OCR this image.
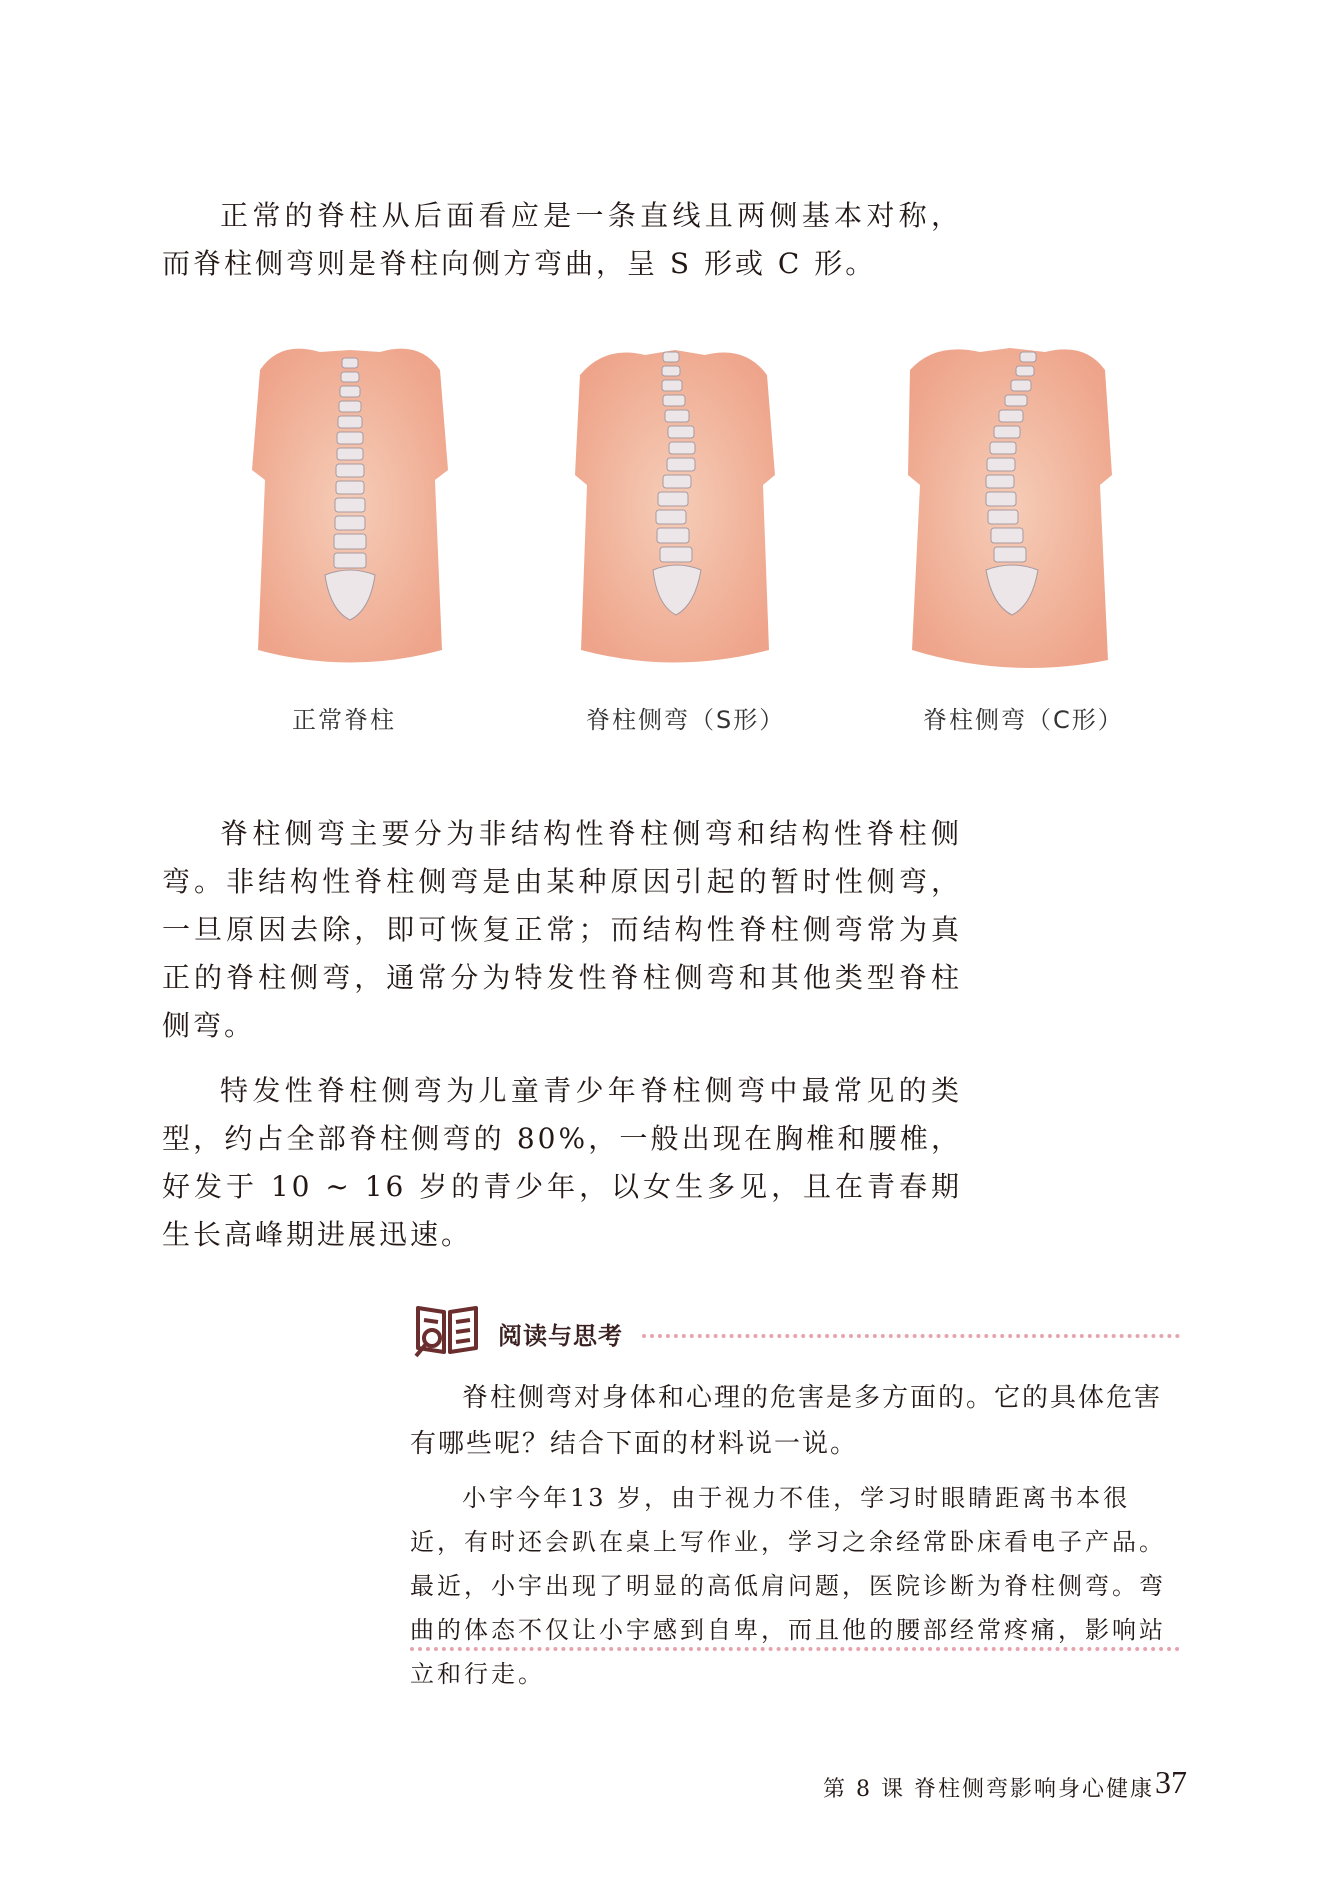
正常的脊柱从后面看应是一条直线且两侧基本对称，而脊柱侧弯则是脊柱向侧方弯曲，呈 S 形或 C 形。

正常脊柱	脊柱侧弯（S形）	脊柱侧弯（C形）

脊柱侧弯主要分为非结构性脊柱侧弯和结构性脊柱侧弯。非结构性脊柱侧弯是由某种原因引起的暂时性侧弯，一旦原因去除，即可恢复正常；而结构性脊柱侧弯常为真正的脊柱侧弯，通常分为特发性脊柱侧弯和其他类型脊柱侧弯。

特发性脊柱侧弯为儿童青少年脊柱侧弯中最常见的类型，约占全部脊柱侧弯的 80%，一般出现在胸椎和腰椎，好发于 10 ~ 16 岁的青少年，以女生多见，且在青春期生长高峰期进展迅速。

阅读与思考

脊柱侧弯对身体和心理的危害是多方面的。它的具体危害有哪些呢？结合下面的材料说一说。

小宇今年13 岁，由于视力不佳，学习时眼睛距离书本很近，有时还会趴在桌上写作业，学习之余经常卧床看电子产品。最近，小宇出现了明显的高低肩问题，医院诊断为脊柱侧弯。弯曲的体态不仅让小宇感到自卑，而且他的腰部经常疼痛，影响站立和行走。

第 8 课 脊柱侧弯影响身心健康 37
